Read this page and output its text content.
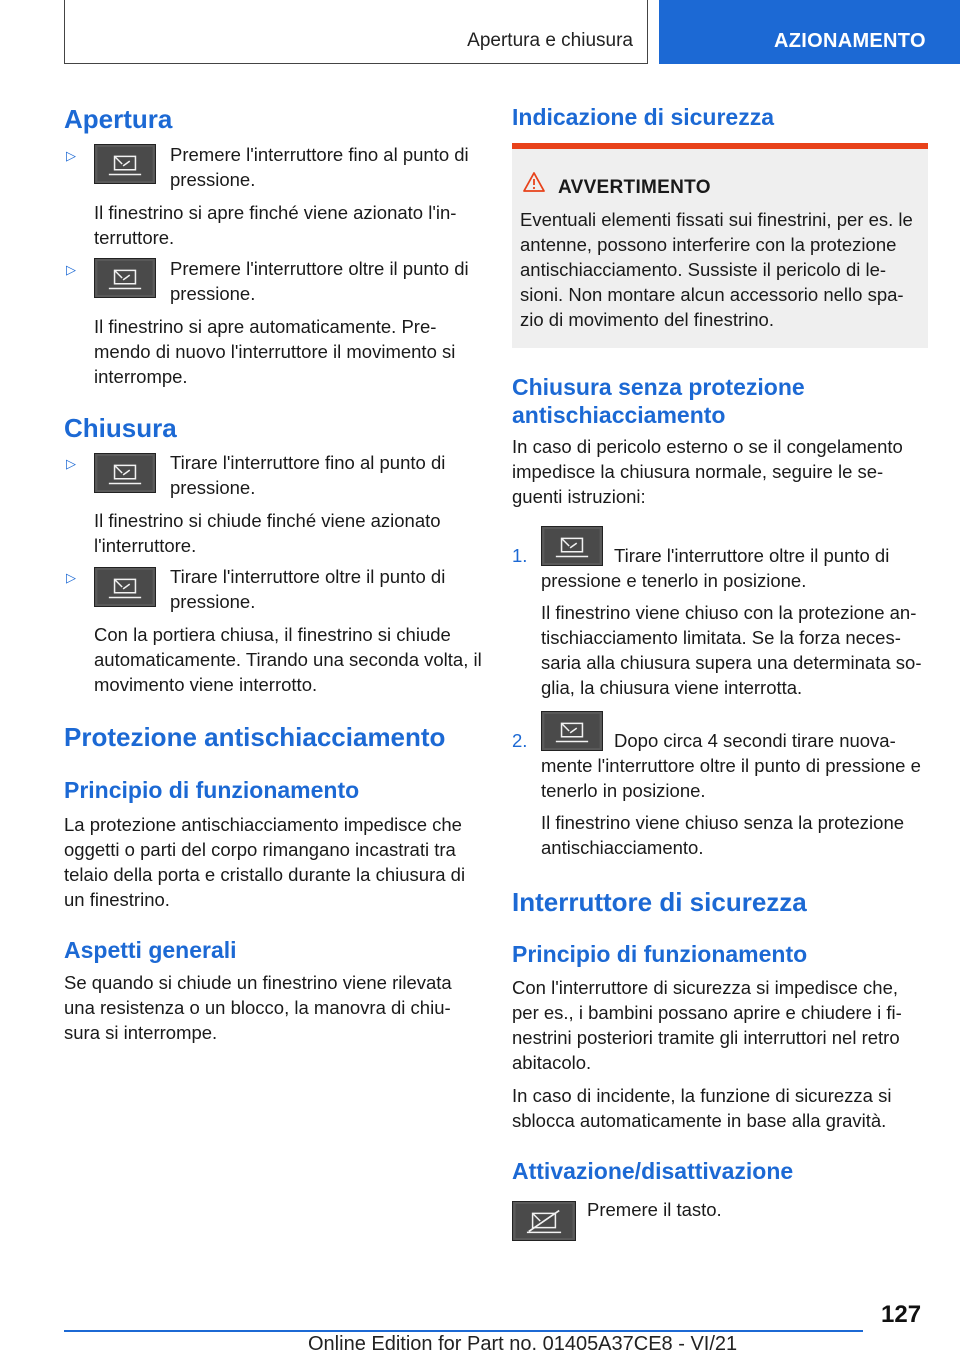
Apertura e chiusura	AZIONAMENTO
Apertura
▷	Premere l'interruttore fino al punto di pressione.

Il finestrino si apre finché viene azionato l'in-terruttore.

▷	Premere l'interruttore oltre il punto di pressione.

Il finestrino si apre automaticamente. Pre-mendo di nuovo l'interruttore il movimento si interrompe.

Chiusura
▷	Tirare l'interruttore fino al punto di pressione.

Il finestrino si chiude finché viene azionato l'interruttore.

▷	Tirare l'interruttore oltre il punto di pressione.

Con la portiera chiusa, il finestrino si chiude automaticamente. Tirando una seconda volta, il movimento viene interrotto.

Protezione antischiacciamento
Principio di funzionamento

La protezione antischiacciamento impedisce che oggetti o parti del corpo rimangano incastrati tra telaio della porta e cristallo durante la chiusura di un finestrino.

Aspetti generali

Se quando si chiude un finestrino viene rilevata una resistenza o un blocco, la manovra di chiu-sura si interrompe.

Indicazione di sicurezza
AVVERTIMENTO

Eventuali elementi fissati sui finestrini, per es. le antenne, possono interferire con la protezione antischiacciamento. Sussiste il pericolo di le-sioni. Non montare alcun accessorio nello spa-zio di movimento del finestrino.

Chiusura senza protezione antischiacciamento

In caso di pericolo esterno o se il congelamento impedisce la chiusura normale, seguire le se-guenti istruzioni:

1.	Tirare l'interruttore oltre il punto di pressione e tenerlo in posizione.

Il finestrino viene chiuso con la protezione an-tischiacciamento limitata. Se la forza neces-saria alla chiusura supera una determinata so-glia, la chiusura viene interrotta.

2.	Dopo circa 4 secondi tirare nuova-mente l'interruttore oltre il punto di pressione e tenerlo in posizione.

Il finestrino viene chiuso senza la protezione antischiacciamento.

Interruttore di sicurezza
Principio di funzionamento

Con l'interruttore di sicurezza si impedisce che, per es., i bambini possano aprire e chiudere i fi-nestrini posteriori tramite gli interruttori nel retro abitacolo.

In caso di incidente, la funzione di sicurezza si sblocca automaticamente in base alla gravità.

Attivazione/disattivazione

Premere il tasto.

127
Online Edition for Part no. 01405A37CE8 - VI/21
